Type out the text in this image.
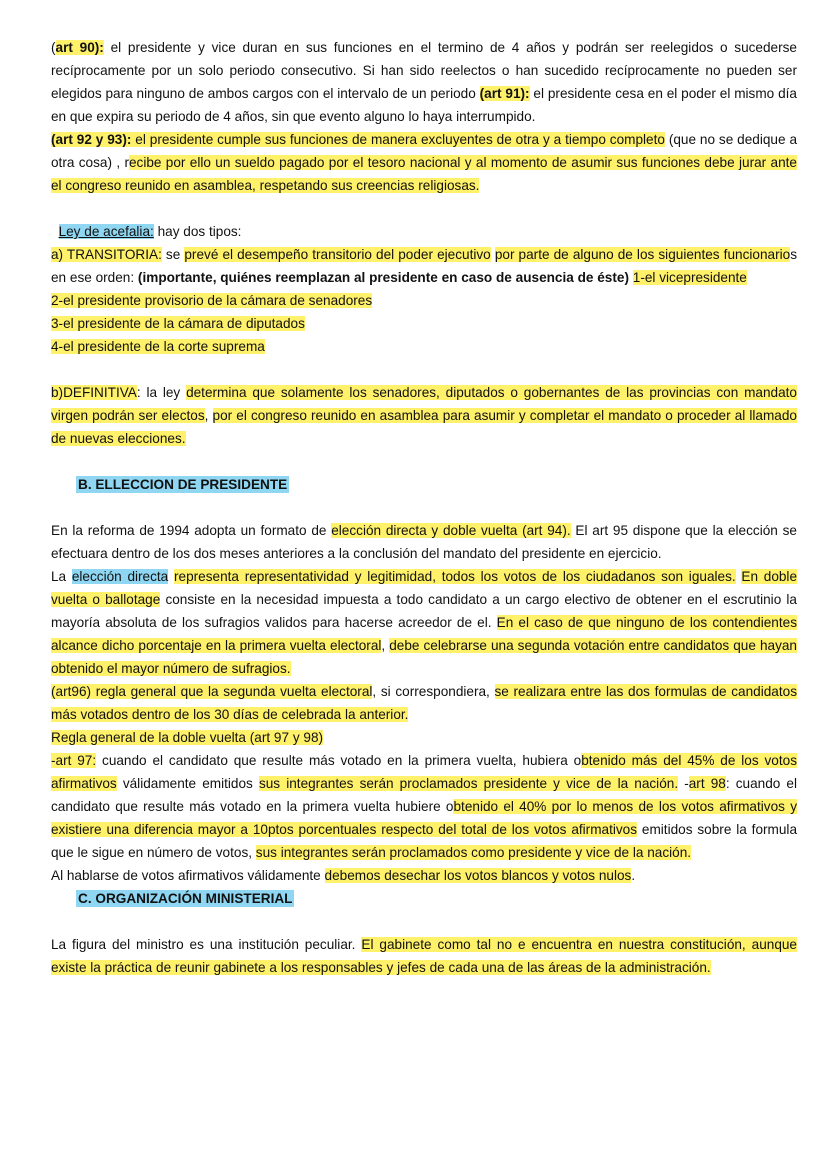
(art 90): el presidente y vice duran en sus funciones en el termino de 4 años y podrán ser reelegidos o sucederse recíprocamente por un solo periodo consecutivo. Si han sido reelectos o han sucedido recíprocamente no pueden ser elegidos para ninguno de ambos cargos con el intervalo de un periodo (art 91): el presidente cesa en el poder el mismo día en que expira su periodo de 4 años, sin que evento alguno lo haya interrumpido.

(art 92 y 93): el presidente cumple sus funciones de manera excluyentes de otra y a tiempo completo (que no se dedique a otra cosa) , recibe por ello un sueldo pagado por el tesoro nacional y al momento de asumir sus funciones debe jurar ante el congreso reunido en asamblea, respetando sus creencias religiosas.

Ley de acefalia: hay dos tipos:

a) TRANSITORIA: se prevé el desempeño transitorio del poder ejecutivo por parte de alguno de los siguientes funcionarios en ese orden: (importante, quiénes reemplazan al presidente en caso de ausencia de éste) 1-el vicepresidente

2-el presidente provisorio de la cámara de senadores

3-el presidente de la cámara de diputados

4-el presidente de la corte suprema

b)DEFINITIVA: la ley determina que solamente los senadores, diputados o gobernantes de las provincias con mandato virgen podrán ser electos, por el congreso reunido en asamblea para asumir y completar el mandato o proceder al llamado de nuevas elecciones.

B. ELLECCION DE PRESIDENTE

En la reforma de 1994 adopta un formato de elección directa y doble vuelta (art 94). El art 95 dispone que la elección se efectuara dentro de los dos meses anteriores a la conclusión del mandato del presidente en ejercicio.

La elección directa representa representatividad y legitimidad, todos los votos de los ciudadanos son iguales. En doble vuelta o ballotage consiste en la necesidad impuesta a todo candidato a un cargo electivo de obtener en el escrutinio la mayoría absoluta de los sufragios validos para hacerse acreedor de el. En el caso de que ninguno de los contendientes alcance dicho porcentaje en la primera vuelta electoral, debe celebrarse una segunda votación entre candidatos que hayan obtenido el mayor número de sufragios.

(art96) regla general que la segunda vuelta electoral, si correspondiera, se realizara entre las dos formulas de candidatos más votados dentro de los 30 días de celebrada la anterior.

Regla general de la doble vuelta (art 97 y 98)

-art 97: cuando el candidato que resulte más votado en la primera vuelta, hubiera obtenido más del 45% de los votos afirmativos válidamente emitidos sus integrantes serán proclamados presidente y vice de la nación. -art 98: cuando el candidato que resulte más votado en la primera vuelta hubiere obtenido el 40% por lo menos de los votos afirmativos y existiere una diferencia mayor a 10ptos porcentuales respecto del total de los votos afirmativos emitidos sobre la formula que le sigue en número de votos, sus integrantes serán proclamados como presidente y vice de la nación.

Al hablarse de votos afirmativos válidamente debemos desechar los votos blancos y votos nulos.

C. ORGANIZACIÓN MINISTERIAL

La figura del ministro es una institución peculiar. El gabinete como tal no e encuentra en nuestra constitución, aunque existe la práctica de reunir gabinete a los responsables y jefes de cada una de las áreas de la administración.
